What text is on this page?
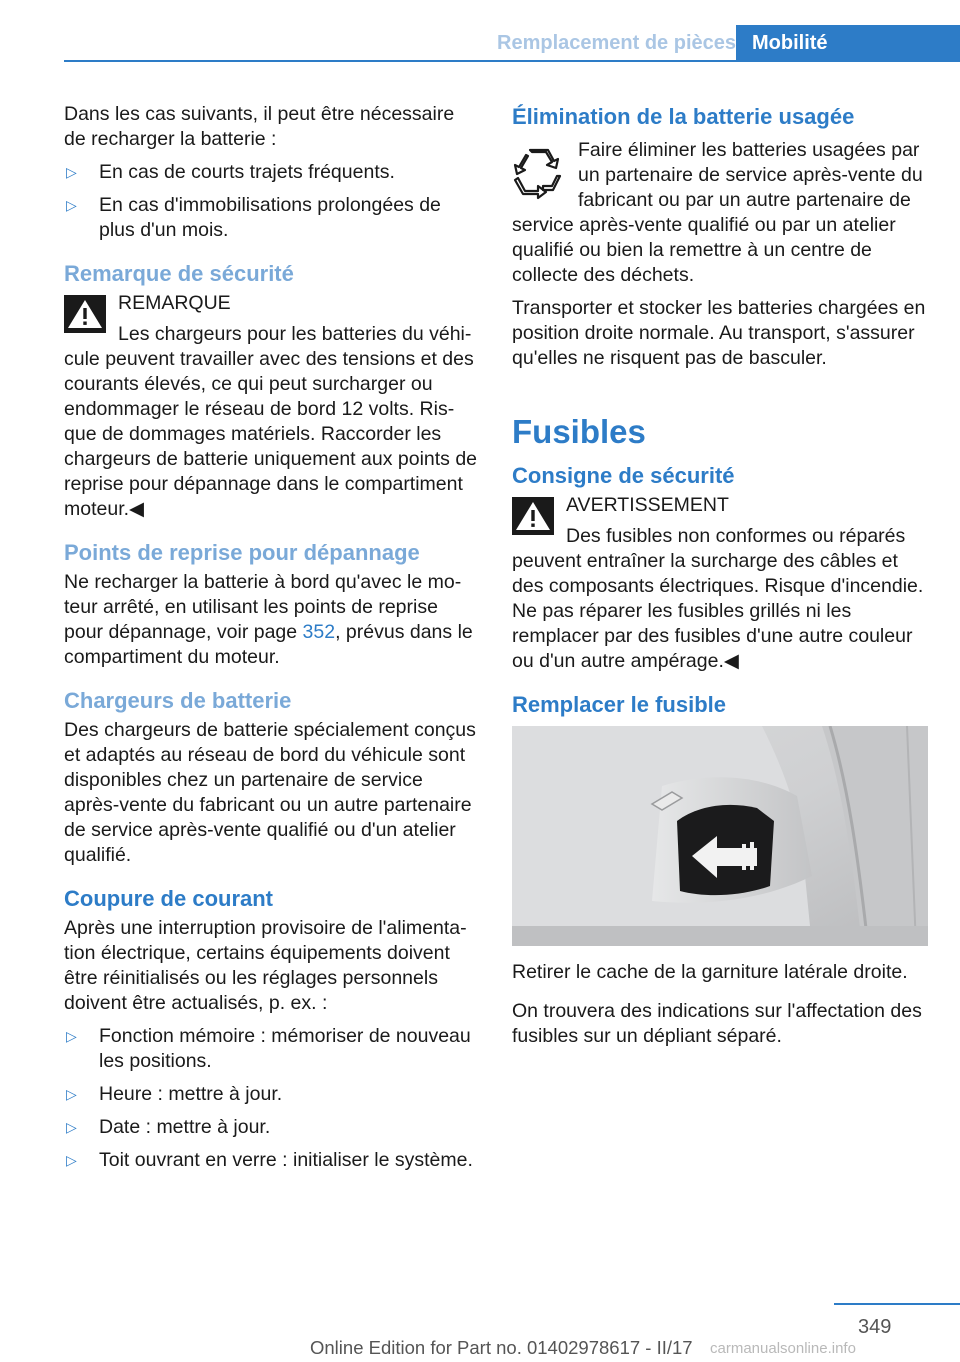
Remplacement de pièces Mobilité

Dans les cas suivants, il peut être nécessaire de recharger la batterie :

▷ En cas de courts trajets fréquents.
▷ En cas d'immobilisations prolongées de plus d'un mois.
Remarque de sécurité
REMARQUE
Les chargeurs pour les batteries du véhicule peuvent travailler avec des tensions et des courants élevés, ce qui peut surcharger ou endommager le réseau de bord 12 volts. Risque de dommages matériels. Raccorder les chargeurs de batterie uniquement aux points de reprise pour dépannage dans le compartiment moteur.◀
Points de reprise pour dépannage

Ne recharger la batterie à bord qu'avec le moteur arrêté, en utilisant les points de reprise pour dépannage, voir page 352, prévus dans le compartiment du moteur.

Chargeurs de batterie

Des chargeurs de batterie spécialement conçus et adaptés au réseau de bord du véhicule sont disponibles chez un partenaire de service après-vente du fabricant ou un autre partenaire de service après-vente qualifié ou d'un atelier qualifié.

Coupure de courant

Après une interruption provisoire de l'alimentation électrique, certains équipements doivent être réinitialisés ou les réglages personnels doivent être actualisés, p. ex. :

▷ Fonction mémoire : mémoriser de nouveau les positions.
▷ Heure : mettre à jour.
▷ Date : mettre à jour.
▷ Toit ouvrant en verre : initialiser le système.
Élimination de la batterie usagée

Faire éliminer les batteries usagées par un partenaire de service après-vente du fabricant ou par un autre partenaire de service après-vente qualifié ou par un atelier qualifié ou bien la remettre à un centre de collecte des déchets.

Transporter et stocker les batteries chargées en position droite normale. Au transport, s'assurer qu'elles ne risquent pas de basculer.

Fusibles
Consigne de sécurité
AVERTISSEMENT
Des fusibles non conformes ou réparés peuvent entraîner la surcharge des câbles et des composants électriques. Risque d'incendie. Ne pas réparer les fusibles grillés ni les remplacer par des fusibles d'une autre couleur ou d'un autre ampérage.◀
Remplacer le fusible

Retirer le cache de la garniture latérale droite.

On trouvera des indications sur l'affectation des fusibles sur un dépliant séparé.

349
Online Edition for Part no. 01402978617 - II/17 carmanualsonline.info
